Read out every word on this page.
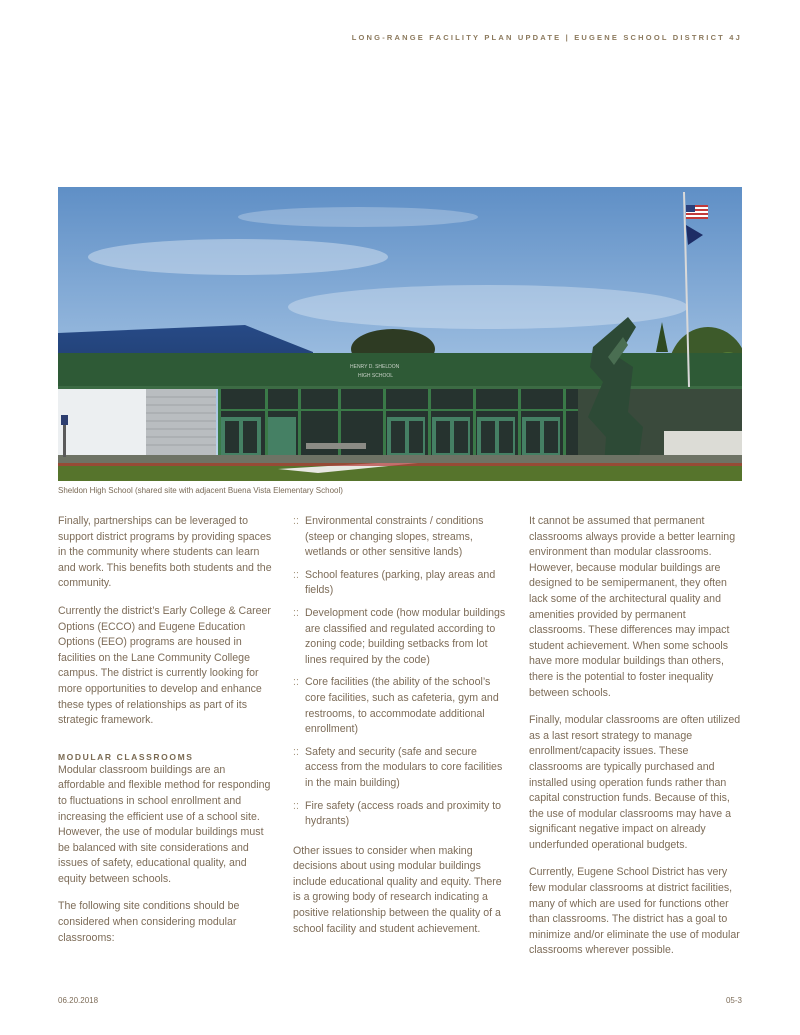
LONG-RANGE FACILITY PLAN UPDATE | EUGENE SCHOOL DISTRICT 4J
HENRY D. SHELDON
HIGH SCHOOL
Sheldon High School (shared site with adjacent Buena Vista Elementary School)

Finally, partnerships can be leveraged to support district programs by providing spaces in the community where students can learn and work. This benefits both students and the community.

Currently the district’s Early College & Career Options (ECCO) and Eugene Education Options (EEO) programs are housed in facilities on the Lane Community College campus. The district is currently looking for more opportunities to develop and enhance these types of relationships as part of its strategic framework.

MODULAR CLASSROOMS

Modular classroom buildings are an affordable and flexible method for responding to fluctuations in school enrollment and increasing the efficient use of a school site. However, the use of modular buildings must be balanced with site considerations and issues of safety, educational quality, and equity between schools.

The following site conditions should be considered when considering modular classrooms:

:: Environmental constraints / conditions (steep or changing slopes, streams, wetlands or other sensitive lands)
:: School features (parking, play areas and fields)
:: Development code (how modular buildings are classified and regulated according to zoning code; building setbacks from lot lines required by the code)
:: Core facilities (the ability of the school’s core facilities, such as cafeteria, gym and restrooms, to accommodate additional enrollment)
:: Safety and security (safe and secure access from the modulars to core facilities in the main building)
:: Fire safety (access roads and proximity to hydrants)

Other issues to consider when making decisions about using modular buildings include educational quality and equity. There is a growing body of research indicating a positive relationship between the quality of a school facility and student achievement.

It cannot be assumed that permanent classrooms always provide a better learning environment than modular classrooms. However, because modular buildings are designed to be semipermanent, they often lack some of the architectural quality and amenities provided by permanent classrooms. These differences may impact student achievement. When some schools have more modular buildings than others, there is the potential to foster inequality between schools.

Finally, modular classrooms are often utilized as a last resort strategy to manage enrollment/capacity issues. These classrooms are typically purchased and installed using operation funds rather than capital construction funds. Because of this, the use of modular classrooms may have a significant negative impact on already underfunded operational budgets.

Currently, Eugene School District has very few modular classrooms at district facilities, many of which are used for functions other than classrooms. The district has a goal to minimize and/or eliminate the use of modular classrooms wherever possible.

06.20.2018	05-3
